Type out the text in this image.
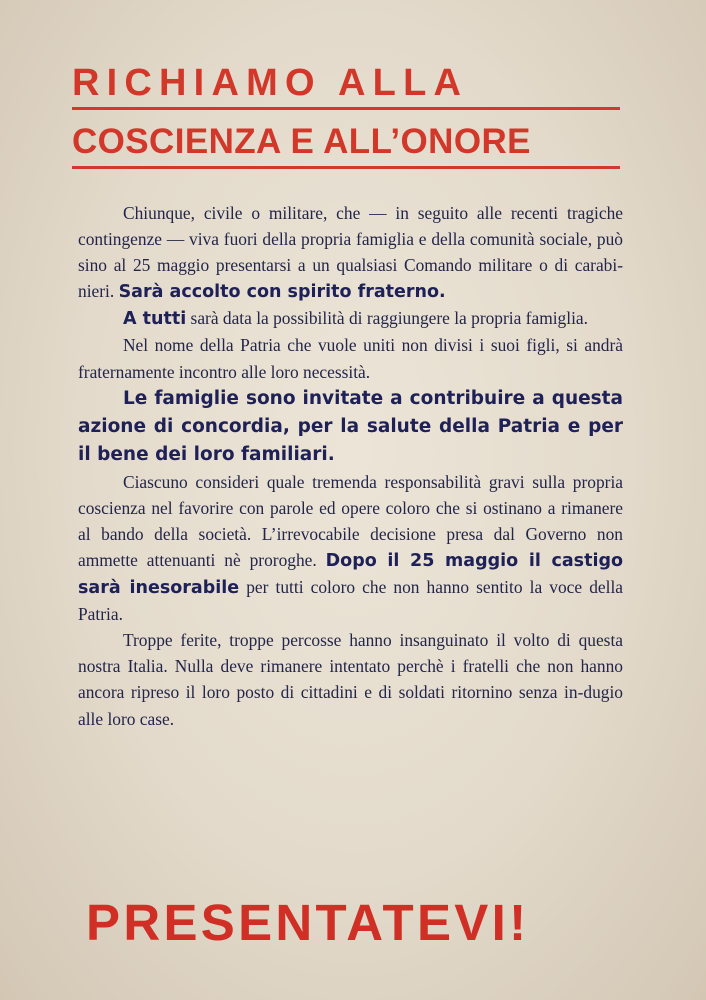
RICHIAMO ALLA
COSCIENZA E ALL’ONORE

Chiunque, civile o militare, che — in seguito alle recenti tragiche contingenze — viva fuori della propria famiglia e della comunità sociale, può sino al 25 maggio presentarsi a un qualsiasi Comando militare o di carabi-nieri. Sarà accolto con spirito fraterno.

A tutti sarà data la possibilità di raggiungere la propria famiglia.

Nel nome della Patria che vuole uniti non divisi i suoi figli, si andrà fraternamente incontro alle loro necessità.

Le famiglie sono invitate a contribuire a questa azione di concordia, per la salute della Patria e per il bene dei loro familiari.

Ciascuno consideri quale tremenda responsabilità gravi sulla propria coscienza nel favorire con parole ed opere coloro che si ostinano a rimanere al bando della società. L’irrevocabile decisione presa dal Governo non ammette attenuanti nè proroghe. Dopo il 25 maggio il castigo sarà inesorabile per tutti coloro che non hanno sentito la voce della Patria.

Troppe ferite, troppe percosse hanno insanguinato il volto di questa nostra Italia. Nulla deve rimanere intentato perchè i fratelli che non hanno ancora ripreso il loro posto di cittadini e di soldati ritornino senza in-dugio alle loro case.

PRESENTATEVI!
